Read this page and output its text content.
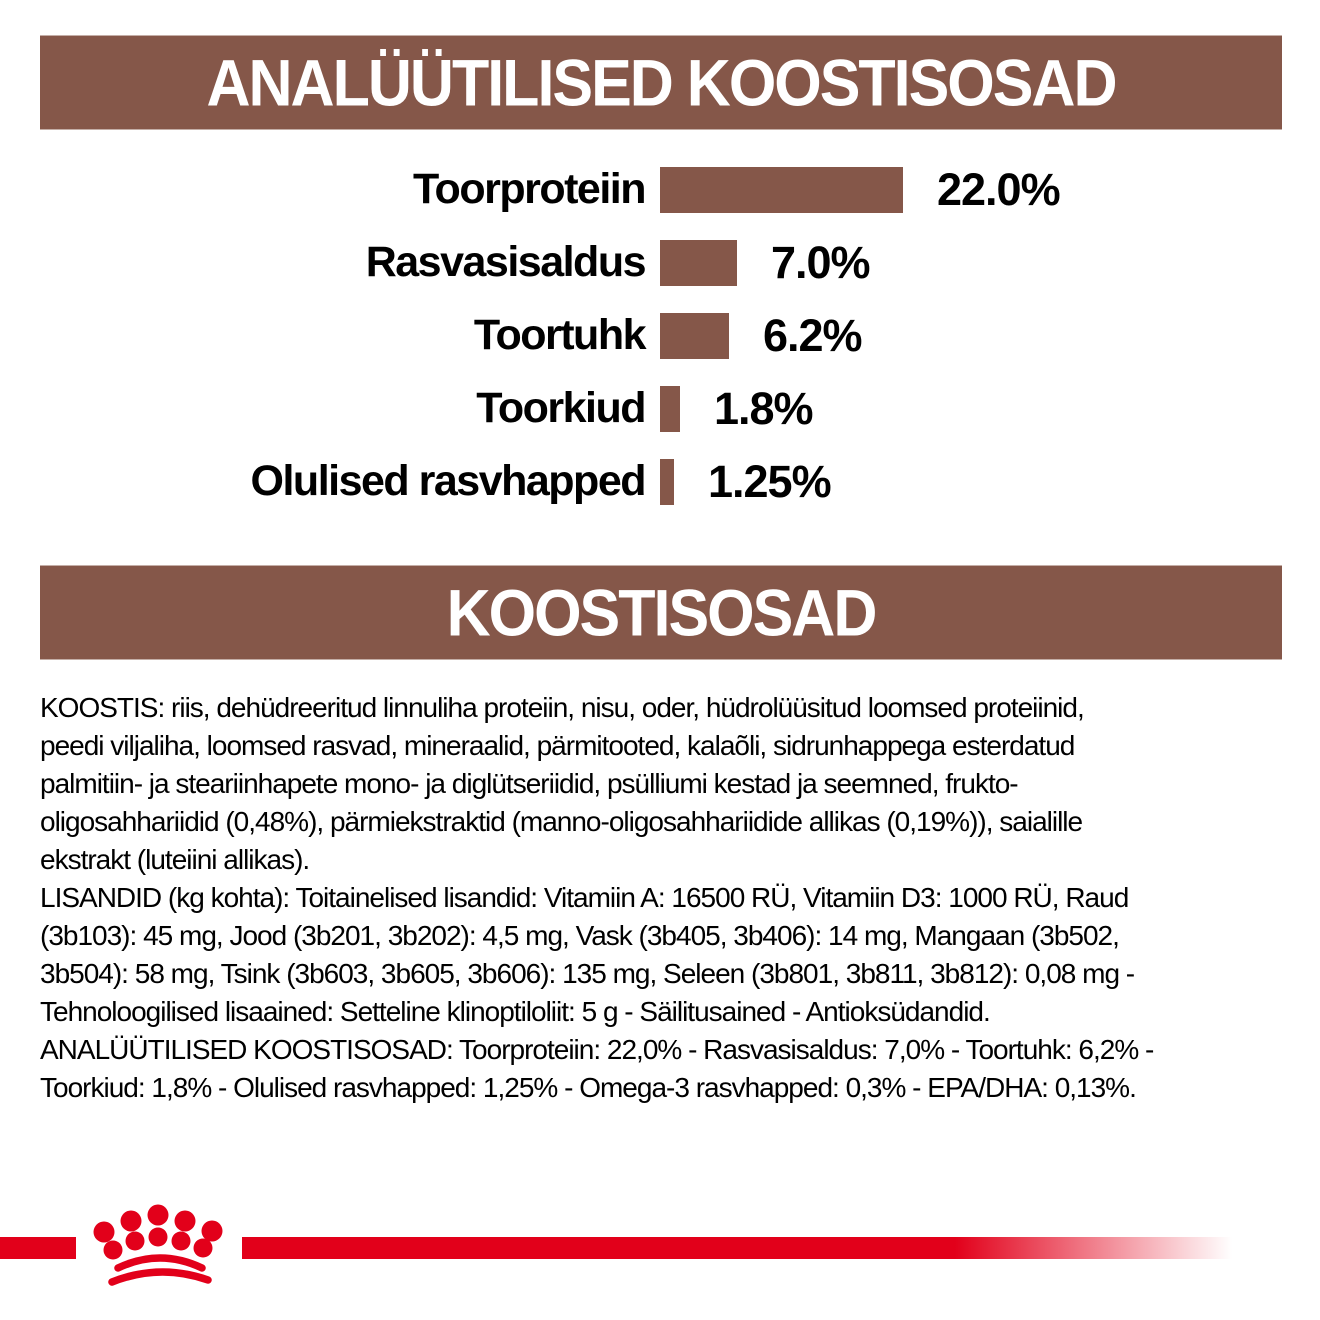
ANALÜÜTILISED KOOSTISOSAD
Toorproteiin	22.0%
Rasvasisaldus	7.0%
Toortuhk	6.2%
Toorkiud 1.8%
Olulised rasvhapped 1.25%
KOOSTISOSAD
KOOSTIS: riis, dehüdreeritud linnuliha proteiin, nisu, oder, hüdrolüüsitud loomsed proteiinid,
peedi viljaliha, loomsed rasvad, mineraalid, pärmitooted, kalaõli, sidrunhappega esterdatud
palmitiin- ja steariinhapete mono- ja diglütseriidid, psülliumi kestad ja seemned, frukto-
oligosahhariidid (0,48%), pärmiekstraktid (manno-oligosahhariidide allikas (0,19%)), saialille
ekstrakt (luteiini allikas).
LISANDID (kg kohta): Toitainelised lisandid: Vitamiin A: 16500 RÜ, Vitamiin D3: 1000 RÜ, Raud
(3b103): 45 mg, Jood (3b201, 3b202): 4,5 mg, Vask (3b405, 3b406): 14 mg, Mangaan (3b502,
3b504): 58 mg, Tsink (3b603, 3b605, 3b606): 135 mg, Seleen (3b801, 3b811, 3b812): 0,08 mg -
Tehnoloogilised lisaained: Setteline klinoptiloliit: 5 g - Säilitusained - Antioksüdandid.
ANALÜÜTILISED KOOSTISOSAD: Toorproteiin: 22,0% - Rasvasisaldus: 7,0% - Toortuhk: 6,2% -
Toorkiud: 1,8% - Olulised rasvhapped: 1,25% - Omega-3 rasvhapped: 0,3% - EPA/DHA: 0,13%.
